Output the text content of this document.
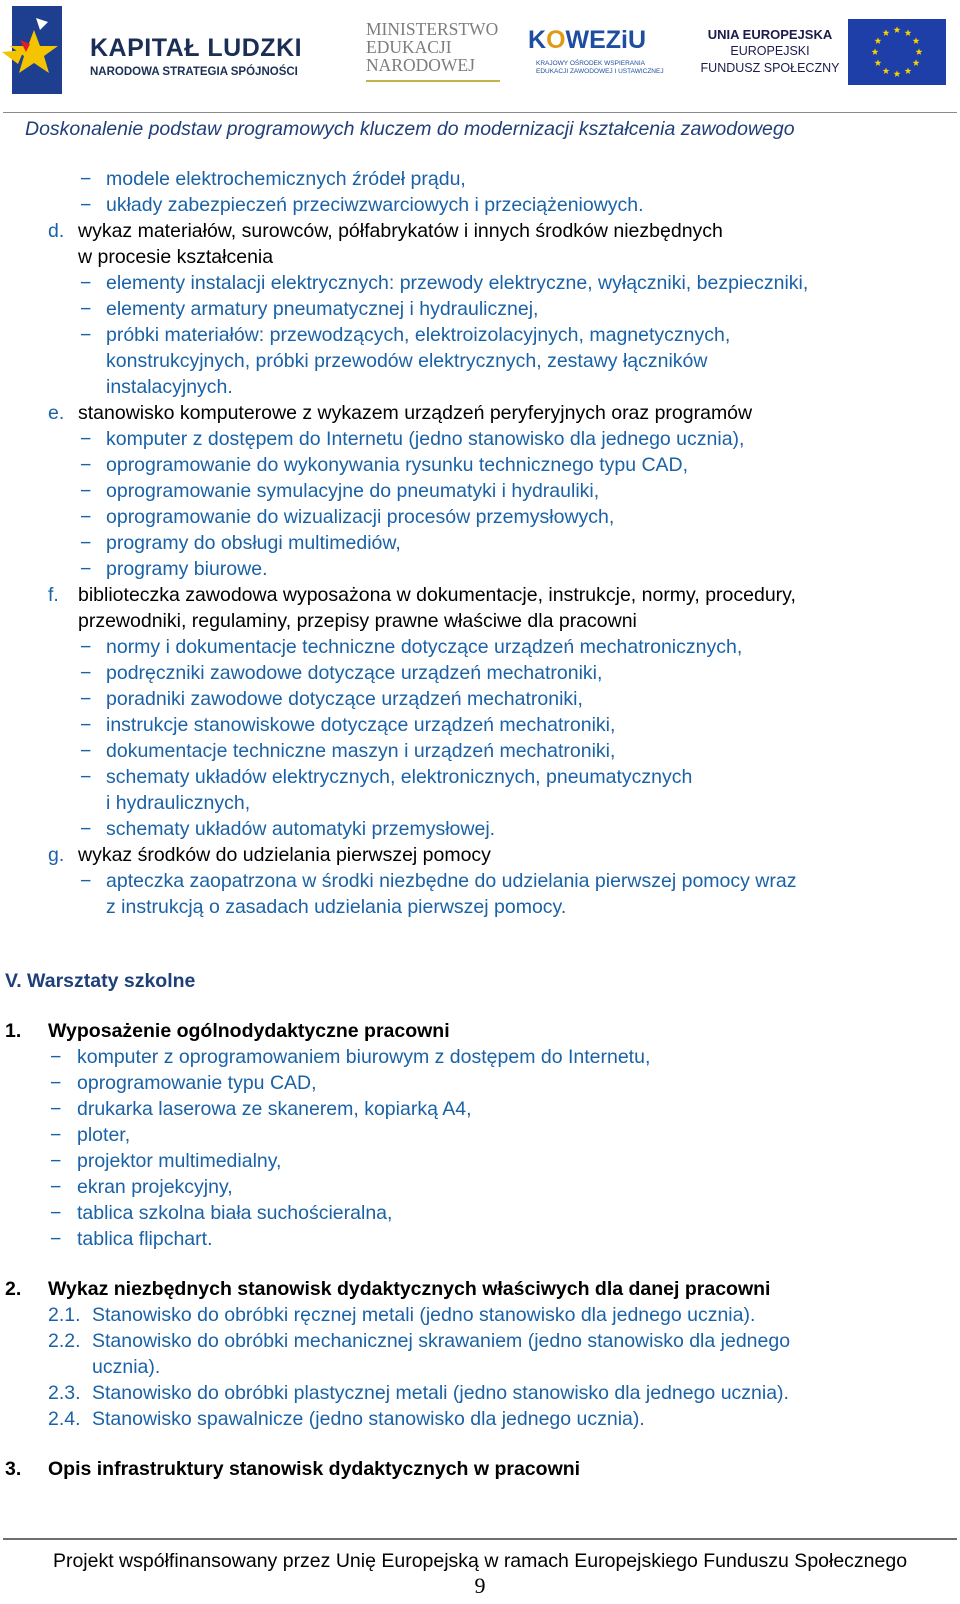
KAPITAŁ LUDZKI
NARODOWA STRATEGIA SPÓJNOŚCI
MINISTERSTWO
EDUKACJI
NARODOWEJ
KOWEZiU
KRAJOWY OŚRODEK WSPIERANIA
EDUKACJI ZAWODOWEJ I USTAWICZNEJ
UNIA EUROPEJSKA
EUROPEJSKI
FUNDUSZ SPOŁECZNY
Doskonalenie podstaw programowych kluczem do modernizacji kształcenia zawodowego
− modele elektrochemicznych źródeł prądu,
− układy zabezpieczeń przeciwzwarciowych i przeciążeniowych.
d. wykaz materiałów, surowców, półfabrykatów i innych środków niezbędnych
w procesie kształcenia
− elementy instalacji elektrycznych: przewody elektryczne, wyłączniki, bezpieczniki,
− elementy armatury pneumatycznej i hydraulicznej,
− próbki materiałów: przewodzących, elektroizolacyjnych, magnetycznych,
konstrukcyjnych, próbki przewodów elektrycznych, zestawy łączników
instalacyjnych.
e. stanowisko komputerowe z wykazem urządzeń peryferyjnych oraz programów
− komputer z dostępem do Internetu (jedno stanowisko dla jednego ucznia),
− oprogramowanie do wykonywania rysunku technicznego typu CAD,
− oprogramowanie symulacyjne do pneumatyki i hydrauliki,
− oprogramowanie do wizualizacji procesów przemysłowych,
− programy do obsługi multimediów,
− programy biurowe.
f. biblioteczka zawodowa wyposażona w dokumentacje, instrukcje, normy, procedury,
przewodniki, regulaminy, przepisy prawne właściwe dla pracowni
− normy i dokumentacje techniczne dotyczące urządzeń mechatronicznych,
− podręczniki zawodowe dotyczące urządzeń mechatroniki,
− poradniki zawodowe dotyczące urządzeń mechatroniki,
− instrukcje stanowiskowe dotyczące urządzeń mechatroniki,
− dokumentacje techniczne maszyn i urządzeń mechatroniki,
− schematy układów elektrycznych, elektronicznych, pneumatycznych
i hydraulicznych,
− schematy układów automatyki przemysłowej.
g. wykaz środków do udzielania pierwszej pomocy
− apteczka zaopatrzona w środki niezbędne do udzielania pierwszej pomocy wraz
z instrukcją o zasadach udzielania pierwszej pomocy.
V. Warsztaty szkolne
1. Wyposażenie ogólnodydaktyczne pracowni
− komputer z oprogramowaniem biurowym z dostępem do Internetu,
− oprogramowanie typu CAD,
− drukarka laserowa ze skanerem, kopiarką A4,
− ploter,
− projektor multimedialny,
− ekran projekcyjny,
− tablica szkolna biała suchościeralna,
− tablica flipchart.
2. Wykaz niezbędnych stanowisk dydaktycznych właściwych dla danej pracowni
2.1. Stanowisko do obróbki ręcznej metali (jedno stanowisko dla jednego ucznia).
2.2. Stanowisko do obróbki mechanicznej skrawaniem (jedno stanowisko dla jednego
ucznia).
2.3. Stanowisko do obróbki plastycznej metali (jedno stanowisko dla jednego ucznia).
2.4. Stanowisko spawalnicze (jedno stanowisko dla jednego ucznia).
3. Opis infrastruktury stanowisk dydaktycznych w pracowni
Projekt współfinansowany przez Unię Europejską w ramach Europejskiego Funduszu Społecznego
9
